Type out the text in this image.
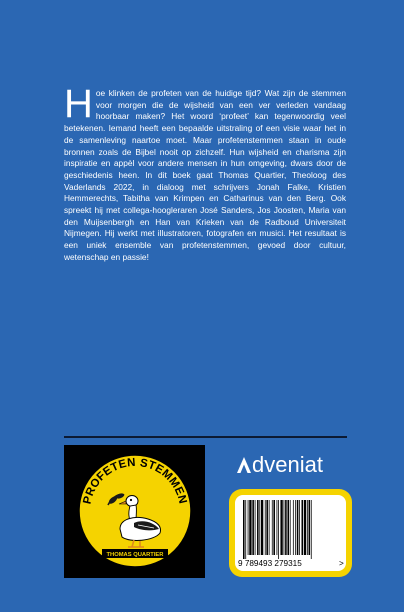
Hoe klinken de profeten van de huidige tijd? Wat zijn de stemmen voor morgen die de wijsheid van een ver verleden vandaag hoorbaar maken? Het woord ‘profeet’ kan tegenwoordig veel betekenen. Iemand heeft een bepaalde uitstraling of een visie waar het in de samenleving naartoe moet. Maar profetenstemmen staan in oude bronnen zoals de Bijbel nooit op zichzelf. Hun wijsheid en charisma zijn inspiratie en appèl voor andere mensen in hun omgeving, dwars door de geschiedenis heen. In dit boek gaat Thomas Quartier, Theoloog des Vaderlands 2022, in dialoog met schrijvers Jonah Falke, Kristien Hemmerechts, Tabitha van Krimpen en Catharinus van den Berg. Ook spreekt hij met collega-hoogleraren José Sanders, Jos Joosten, Maria van den Muijsenbergh en Han van Krieken van de Radboud Universiteit Nijmegen. Hij werkt met illustratoren, fotografen en musici. Het resultaat is een uniek ensemble van profetenstemmen, gevoed door cultuur, wetenschap en passie!

PROFETEN STEMMEN
THOMAS QUARTIER
dveniat
9 789493 279315	>
